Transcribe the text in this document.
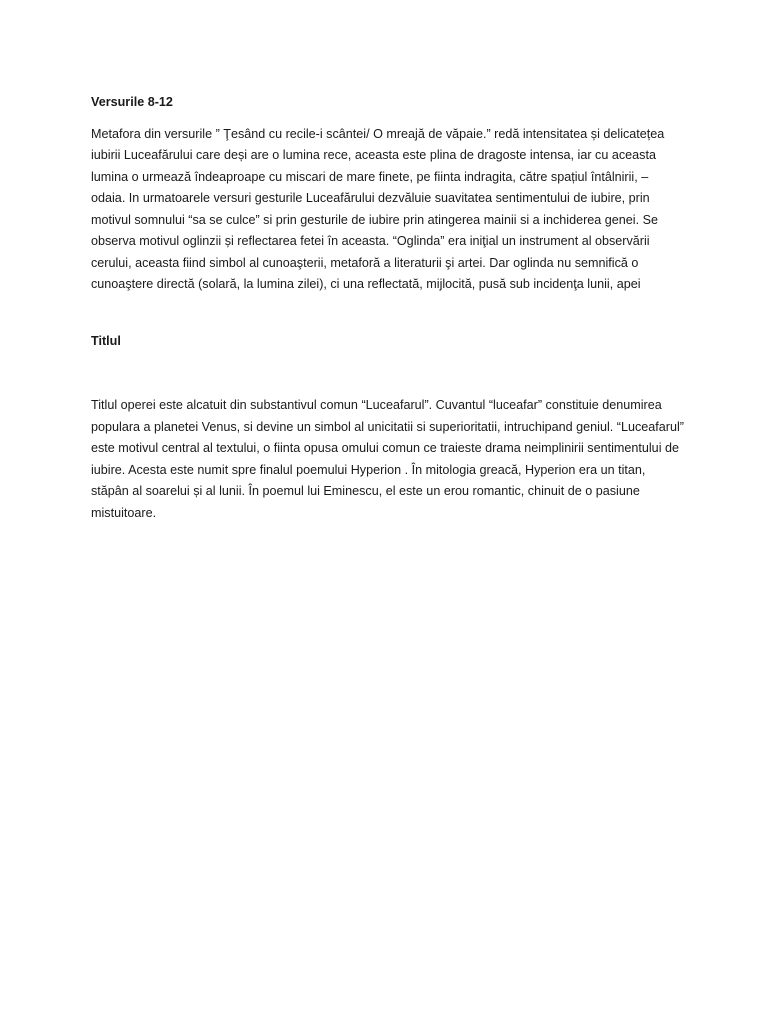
Versurile 8-12

Metafora din versurile ” Ţesând cu recile-i scântei/ O mreajă de văpaie.” redă intensitatea și delicatețea iubirii Luceafărului care deși are o lumina rece, aceasta este plina de dragoste intensa, iar cu aceasta lumina o urmează îndeaproape cu miscari de mare finete, pe fiinta indragita, către spațiul întâlnirii, – odaia. In urmatoarele versuri gesturile Luceafărului dezvăluie suavitatea sentimentului de iubire, prin motivul somnului “sa se culce” si prin gesturile de iubire prin atingerea mainii si a inchiderea genei. Se observa motivul oglinzii și reflectarea fetei în aceasta. “Oglinda” era iniţial un instrument al observării cerului, aceasta fiind simbol al cunoaşterii, metaforă a literaturii şi artei. Dar oglinda nu semnifică o cunoaştere directă (solară, la lumina zilei), ci una reflectată, mijlocită, pusă sub incidenţa lunii, apei

Titlul

Titlul operei este alcatuit din substantivul comun “Luceafarul”. Cuvantul “luceafar” constituie denumirea populara a planetei Venus, si devine un simbol al unicitatii si superioritatii, intruchipand geniul. “Luceafarul” este motivul central al textului, o fiinta opusa omului comun ce traieste drama neimplinirii sentimentului de iubire. Acesta este numit spre finalul poemului Hyperion . În mitologia greacă, Hyperion era un titan, stăpân al soarelui și al lunii. În poemul lui Eminescu, el este un erou romantic, chinuit de o pasiune mistuitoare.
